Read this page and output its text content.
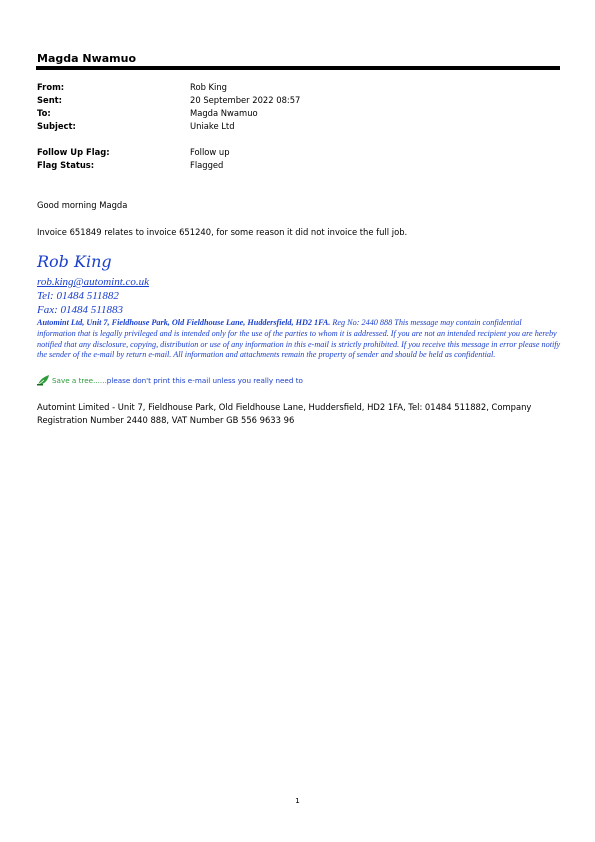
Magda Nwamuo
From:	Rob King
Sent:	20 September 2022 08:57
To:	Magda Nwamuo
Subject:	Uniake Ltd
Follow Up Flag:	Follow up
Flag Status:	Flagged
Good morning Magda
Invoice 651849 relates to invoice 651240, for some reason it did not invoice the full job.
Rob King
rob.king@automint.co.uk
Tel: 01484 511882
Fax: 01484 511883
Automint Ltd, Unit 7, Fieldhouse Park, Old Fieldhouse Lane, Huddersfield, HD2 1FA. Reg No: 2440 888 This message may contain confidential information that is legally privileged and is intended only for the use of the parties to whom it is addressed. If you are not an intended recipient you are hereby notified that any disclosure, copying, distribution or use of any information in this e-mail is strictly prohibited. If you receive this message in error please notify the sender of the e-mail by return e-mail. All information and attachments remain the property of sender and should be held as confidential.
Save a tree...... please don't print this e-mail unless you really need to
Automint Limited - Unit 7, Fieldhouse Park, Old Fieldhouse Lane, Huddersfield, HD2 1FA, Tel: 01484 511882, Company Registration Number 2440 888, VAT Number GB 556 9633 96
1
